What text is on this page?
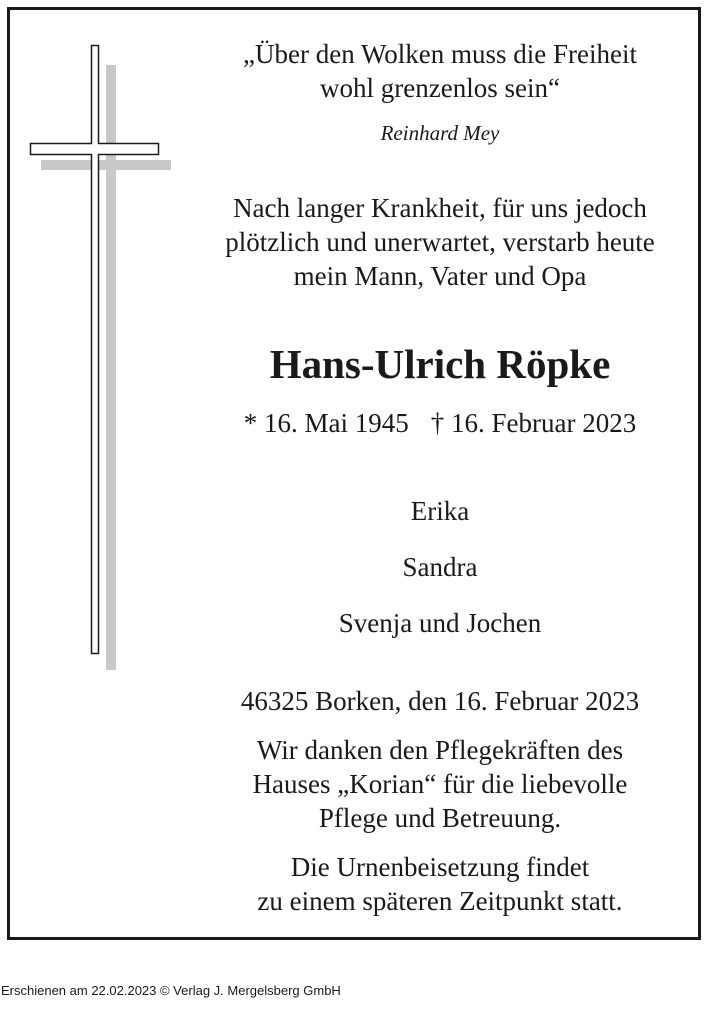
„Über den Wolken muss die Freiheit
wohl grenzenlos sein“
Reinhard Mey
Nach langer Krankheit, für uns jedoch
plötzlich und unerwartet, verstarb heute
mein Mann, Vater und Opa
Hans-Ulrich Röpke
* 16. Mai 1945 † 16. Februar 2023
Erika
Sandra
Svenja und Jochen
46325 Borken, den 16. Februar 2023
Wir danken den Pflegekräften des
Hauses „Korian“ für die liebevolle
Pflege und Betreuung.
Die Urnenbeisetzung findet
zu einem späteren Zeitpunkt statt.
Erschienen am 22.02.2023 © Verlag J. Mergelsberg GmbH
